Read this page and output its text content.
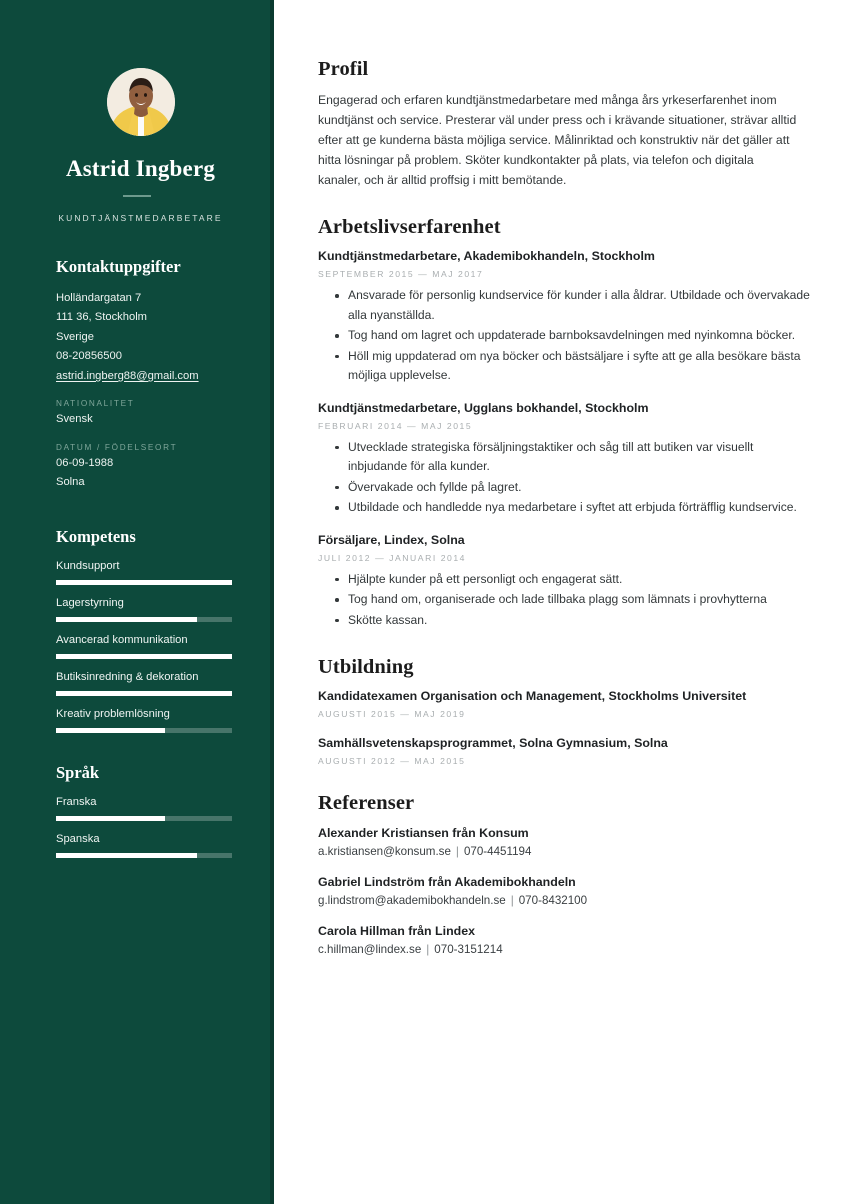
Astrid Ingberg
KUNDTJÄNSTMEDARBETARE
Kontaktuppgifter
Holländargatan 7
111 36, Stockholm
Sverige
08-20856500
astrid.ingberg88@gmail.com
NATIONALITET
Svensk
DATUM / FÖDELSEORT
06-09-1988
Solna
Kompetens
Kundsupport
Lagerstyrning
Avancerad kommunikation
Butiksinredning & dekoration
Kreativ problemlösning
Språk
Franska
Spanska
Profil

Engagerad och erfaren kundtjänstmedarbetare med många års yrkeserfarenhet inom kundtjänst och service. Presterar väl under press och i krävande situationer, strävar alltid efter att ge kunderna bästa möjliga service. Målinriktad och konstruktiv när det gäller att hitta lösningar på problem. Sköter kundkontakter på plats, via telefon och digitala kanaler, och är alltid proffsig i mitt bemötande.

Arbetslivserfarenhet
Kundtjänstmedarbetare, Akademibokhandeln, Stockholm
SEPTEMBER 2015 — MAJ 2017
Ansvarade för personlig kundservice för kunder i alla åldrar. Utbildade och övervakade alla nyanställda.
Tog hand om lagret och uppdaterade barnboksavdelningen med nyinkomna böcker.
Höll mig uppdaterad om nya böcker och bästsäljare i syfte att ge alla besökare bästa möjliga upplevelse.
Kundtjänstmedarbetare, Ugglans bokhandel, Stockholm
FEBRUARI 2014 — MAJ 2015
Utvecklade strategiska försäljningstaktiker och såg till att butiken var visuellt inbjudande för alla kunder.
Övervakade och fyllde på lagret.
Utbildade och handledde nya medarbetare i syftet att erbjuda förträfflig kundservice.
Försäljare, Lindex, Solna
JULI 2012 — JANUARI 2014
Hjälpte kunder på ett personligt och engagerat sätt.
Tog hand om, organiserade och lade tillbaka plagg som lämnats i provhytterna
Skötte kassan.
Utbildning
Kandidatexamen Organisation och Management, Stockholms Universitet
AUGUSTI 2015 — MAJ 2019
Samhällsvetenskapsprogrammet, Solna Gymnasium, Solna
AUGUSTI 2012 — MAJ 2015
Referenser
Alexander Kristiansen från Konsum
a.kristiansen@konsum.se | 070-4451194
Gabriel Lindström från Akademibokhandeln
g.lindstrom@akademibokhandeln.se | 070-8432100
Carola Hillman från Lindex
c.hillman@lindex.se | 070-3151214
